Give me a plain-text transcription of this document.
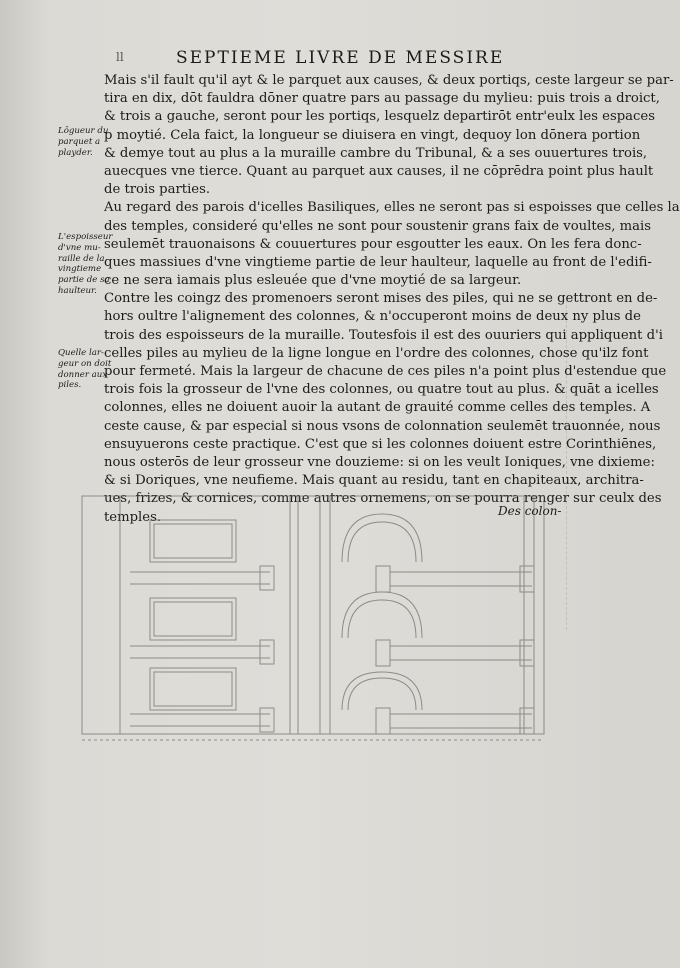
ll	SEPTIEME LIVRE DE MESSIRE
Mais s'il fault qu'il ayt & le parquet aux causes, & deux portiqs, ceste largeur se par-
tira en dix, dōt fauldra dōner quatre pars au passage du mylieu: puis trois a droict,
& trois a gauche, seront pour les portiqs, lesquelz departirōt entr'eulx les espaces
p moytié. Cela faict, la longueur se diuisera en vingt, dequoy lon dōnera portion
& demye tout au plus a la muraille cambre du Tribunal, & a ses ouuertures trois,
auecques vne tierce. Quant au parquet aux causes, il ne cōprēdra point plus hault
de trois parties.
Au regard des parois d'icelles Basiliques, elles ne seront pas si espoisses que celles la
des temples, consideré qu'elles ne sont pour soustenir grans faix de voultes, mais
seulemēt trauonaisons & couuertures pour esgoutter les eaux. On les fera donc-
ques massiues d'vne vingtieme partie de leur haulteur, laquelle au front de l'edifi-
ce ne sera iamais plus esleuée que d'vne moytié de sa largeur.
Contre les coingz des promenoers seront mises des piles, qui ne se gettront en de-
hors oultre l'alignement des colonnes, & n'occuperont moins de deux ny plus de
trois des espoisseurs de la muraille. Toutesfois il est des ouuriers qui appliquent d'i
celles piles au mylieu de la ligne longue en l'ordre des colonnes, chose qu'ilz font
pour fermeté. Mais la largeur de chacune de ces piles n'a point plus d'estendue que
trois fois la grosseur de l'vne des colonnes, ou quatre tout au plus. & quāt a icelles
colonnes, elles ne doiuent auoir la autant de grauité comme celles des temples. A
ceste cause, & par especial si nous vsons de colonnation seulemēt trauonnée, nous
ensuyuerons ceste practique. C'est que si les colonnes doiuent estre Corinthiēnes,
nous osterōs de leur grosseur vne douzieme: si on les veult Ioniques, vne dixieme:
& si Doriques, vne neufieme. Mais quant au residu, tant en chapiteaux, architra-
ues, frizes, & cornices, comme autres ornemens, on se pourra renger sur ceulx des
temples.
Lōgueur du
parquet a
playder.
L'espoisseur
d'vne mu-
raille de la
vingtieme
partie de sa
haulteur.
Quelle lar-
geur on doit
donner aux
piles.
Des colon-
